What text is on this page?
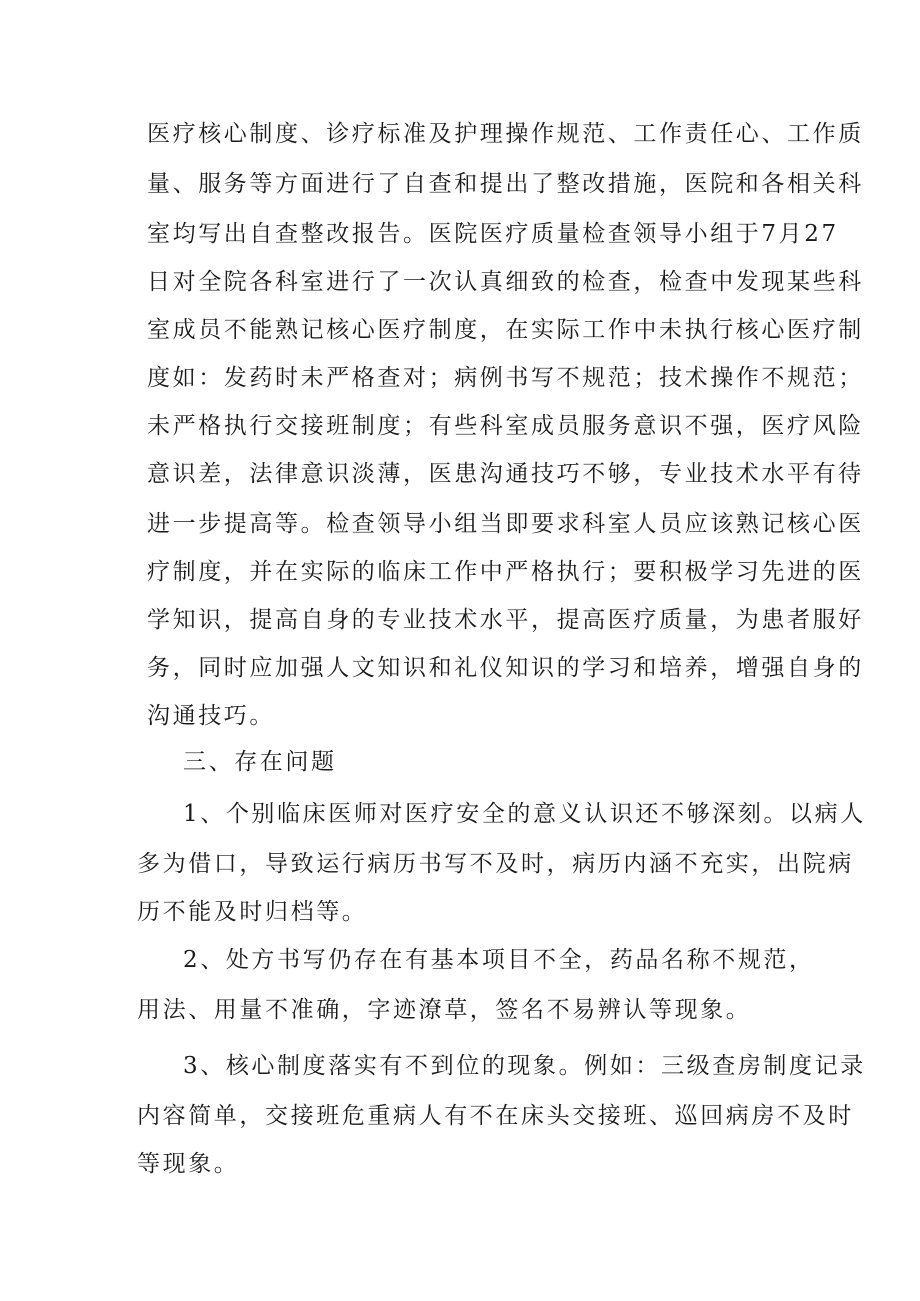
医疗核心制度、诊疗标准及护理操作规范、工作责任心、工作质
量、服务等方面进行了自查和提出了整改措施，医院和各相关科
室均写出自查整改报告。医院医疗质量检查领导小组于7月27
日对全院各科室进行了一次认真细致的检查，检查中发现某些科
室成员不能熟记核心医疗制度，在实际工作中未执行核心医疗制
度如：发药时未严格查对；病例书写不规范；技术操作不规范；
未严格执行交接班制度；有些科室成员服务意识不强，医疗风险
意识差，法律意识淡薄，医患沟通技巧不够，专业技术水平有待
进一步提高等。检查领导小组当即要求科室人员应该熟记核心医
疗制度，并在实际的临床工作中严格执行；要积极学习先进的医
学知识，提高自身的专业技术水平，提高医疗质量，为患者服好
务，同时应加强人文知识和礼仪知识的学习和培养，增强自身的
沟通技巧。
三、存在问题
1、个别临床医师对医疗安全的意义认识还不够深刻。以病人
多为借口，导致运行病历书写不及时，病历内涵不充实，出院病
历不能及时归档等。
2、处方书写仍存在有基本项目不全，药品名称不规范，
用法、用量不准确，字迹潦草，签名不易辨认等现象。
3、核心制度落实有不到位的现象。例如：三级查房制度记录
内容简单，交接班危重病人有不在床头交接班、巡回病房不及时
等现象。
